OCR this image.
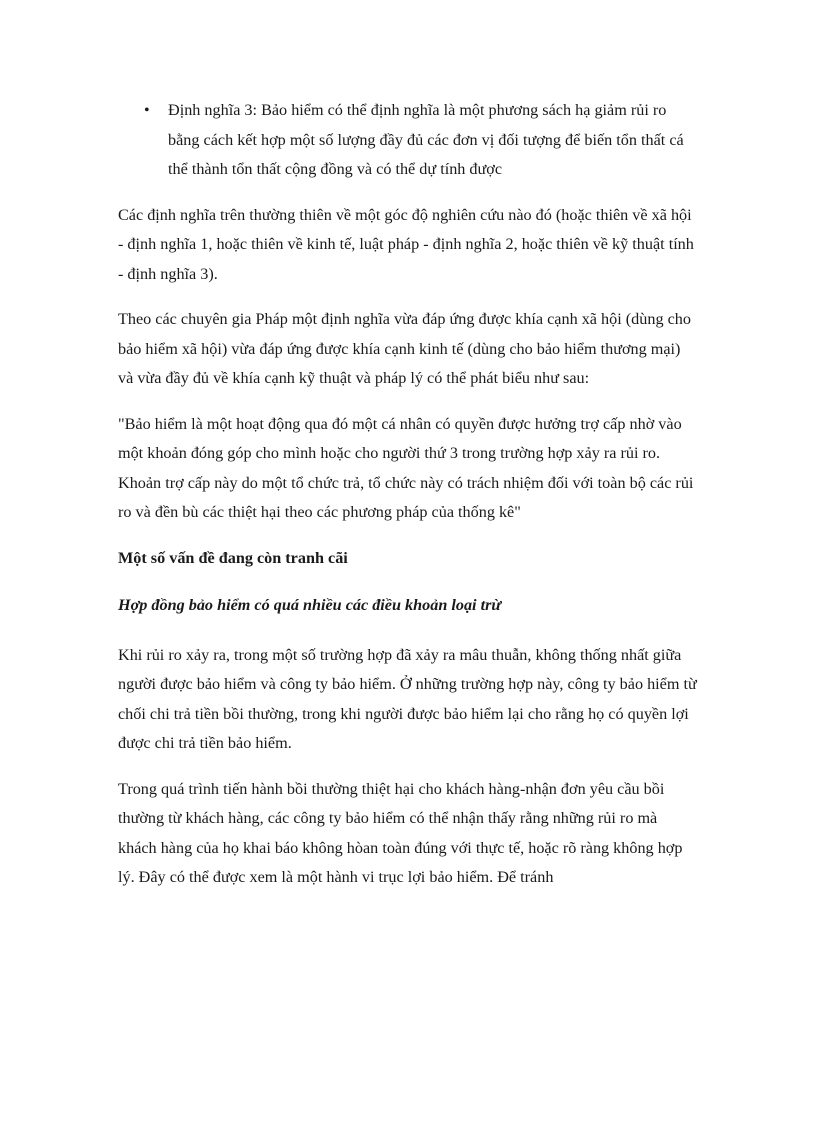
• Định nghĩa 3: Bảo hiểm có thể định nghĩa là một phương sách hạ giảm rủi ro bằng cách kết hợp một số lượng đầy đủ các đơn vị đối tượng để biến tổn thất cá thể thành tổn thất cộng đồng và có thể dự tính được

Các định nghĩa trên thường thiên về một góc độ nghiên cứu nào đó (hoặc thiên về xã hội - định nghĩa 1, hoặc thiên về kinh tế, luật pháp - định nghĩa 2, hoặc thiên về kỹ thuật tính - định nghĩa 3).

Theo các chuyên gia Pháp một định nghĩa vừa đáp ứng được khía cạnh xã hội (dùng cho bảo hiểm xã hội) vừa đáp ứng được khía cạnh kinh tế (dùng cho bảo hiểm thương mại) và vừa đầy đủ về khía cạnh kỹ thuật và pháp lý có thể phát biểu như sau:

"Bảo hiểm là một hoạt động qua đó một cá nhân có quyền được hưởng trợ cấp nhờ vào một khoản đóng góp cho mình hoặc cho người thứ 3 trong trường hợp xảy ra rủi ro. Khoản trợ cấp này do một tổ chức trả, tổ chức này có trách nhiệm đối với toàn bộ các rủi ro và đền bù các thiệt hại theo các phương pháp của thống kê"

Một số vấn đề đang còn tranh cãi

Hợp đồng bảo hiểm có quá nhiều các điều khoản loại trừ

Khi rủi ro xảy ra, trong một số trường hợp đã xảy ra mâu thuẫn, không thống nhất giữa người được bảo hiểm và công ty bảo hiểm. Ở những trường hợp này, công ty bảo hiểm từ chối chi trả tiền bồi thường, trong khi người được bảo hiểm lại cho rằng họ có quyền lợi được chi trả tiền bảo hiểm.

Trong quá trình tiến hành bồi thường thiệt hại cho khách hàng-nhận đơn yêu cầu bồi thường từ khách hàng, các công ty bảo hiểm có thể nhận thấy rằng những rủi ro mà khách hàng của họ khai báo không hòan toàn đúng với thực tế, hoặc rõ ràng không hợp lý. Đây có thể được xem là một hành vi trục lợi bảo hiểm. Để tránh
